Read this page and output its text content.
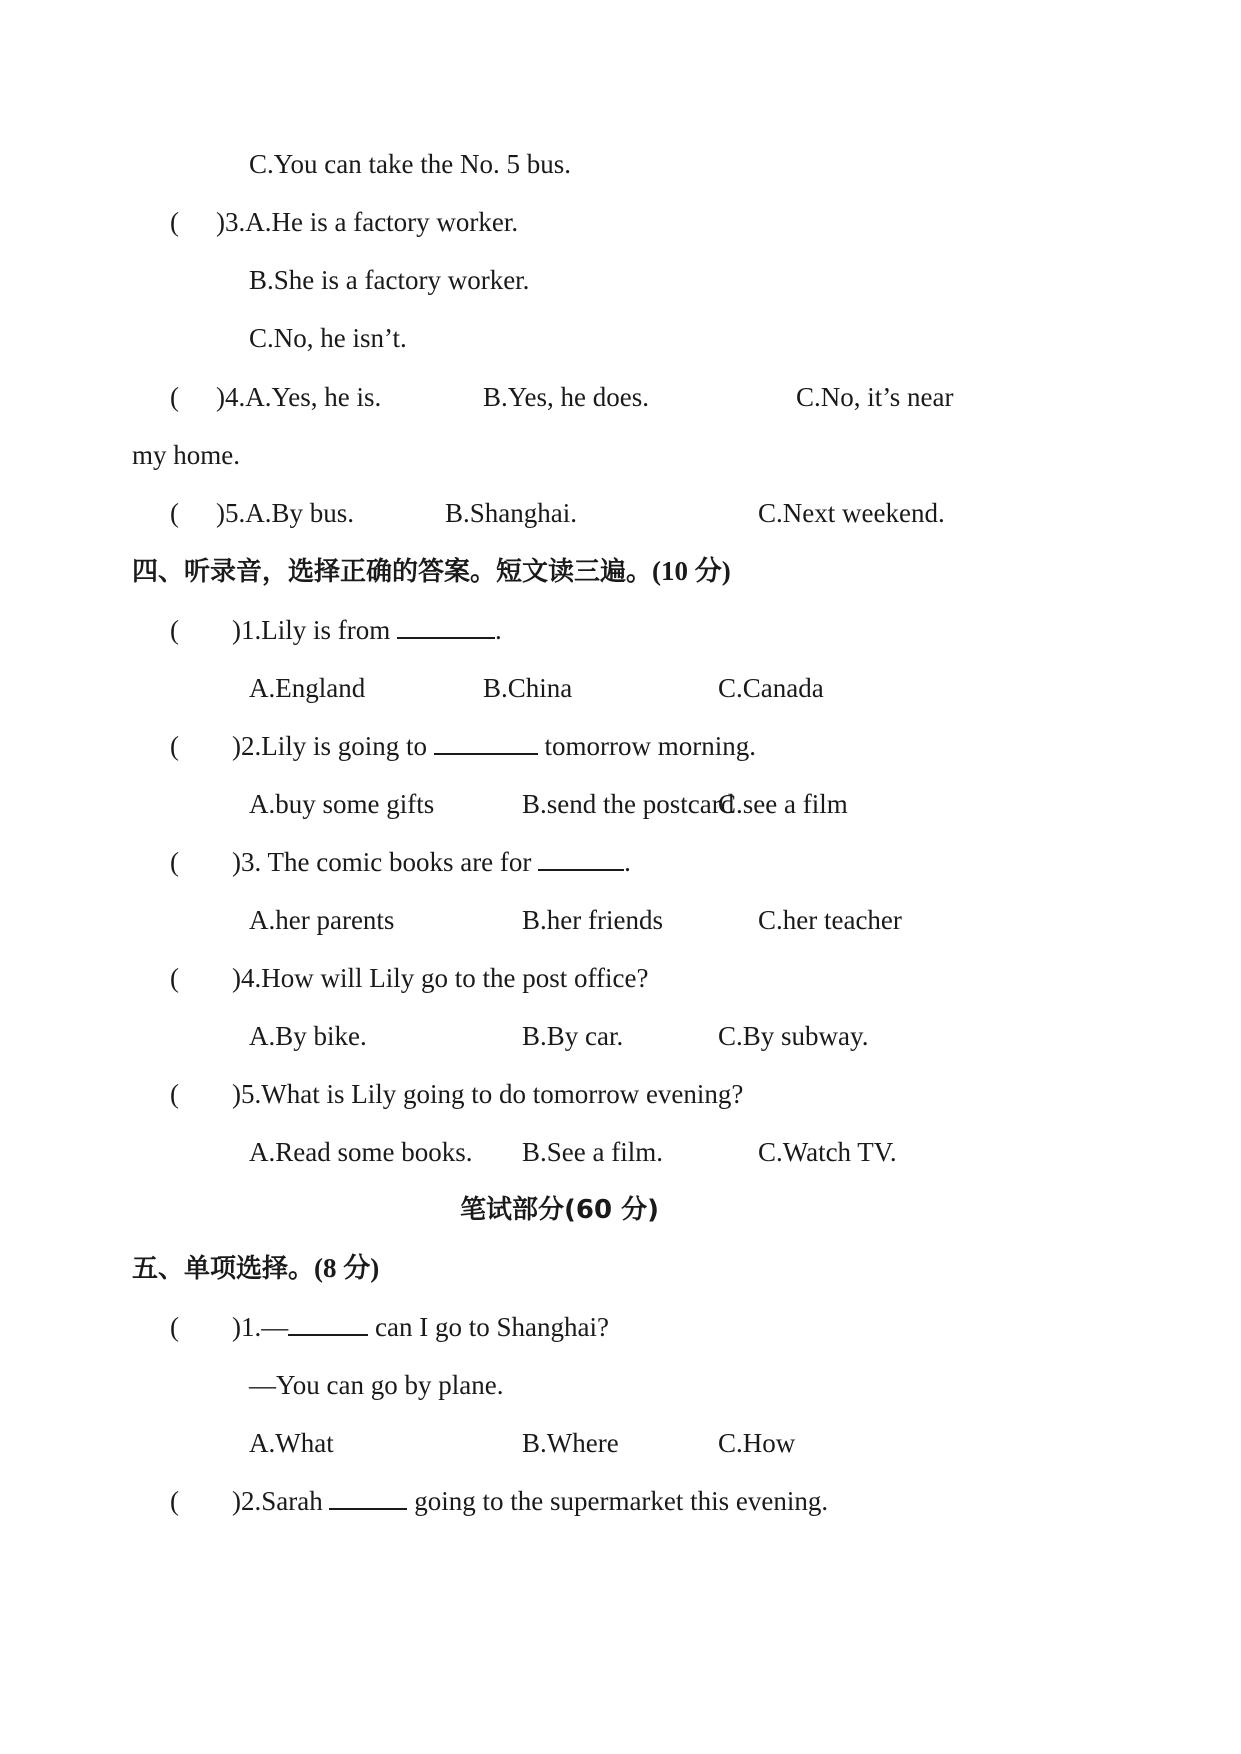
C.You can take the No. 5 bus.
( )3.A.He is a factory worker.
B.She is a factory worker.
C.No, he isn’t.
( )4.A.Yes, he is.	B.Yes, he does.	C.No, it’s near
my home.
( )5.A.By bus.	B.Shanghai.	C.Next weekend.
四、听录音，选择正确的答案。短文读三遍。(10 分)
( )1.Lily is from	.
A.England	B.China	C.Canada
( )2.Lily is going to	tomorrow morning.
A.buy some gifts	B.send the postcard
C.see a film
( )3. The comic books are for	.
A.her parents	B.her friends	C.her teacher
( )4.How will Lily go to the post office?
A.By bike.	B.By car.	C.By subway.
( )5.What is Lily going to do tomorrow evening?
A.Read some books. B.See a film.	C.Watch TV.
笔试部分(60 分)
五、单项选择。(8 分)
( )1.—	can I go to Shanghai?
—You can go by plane.
A.What	B.Where	C.How
( )2.Sarah	going to the supermarket this evening.
